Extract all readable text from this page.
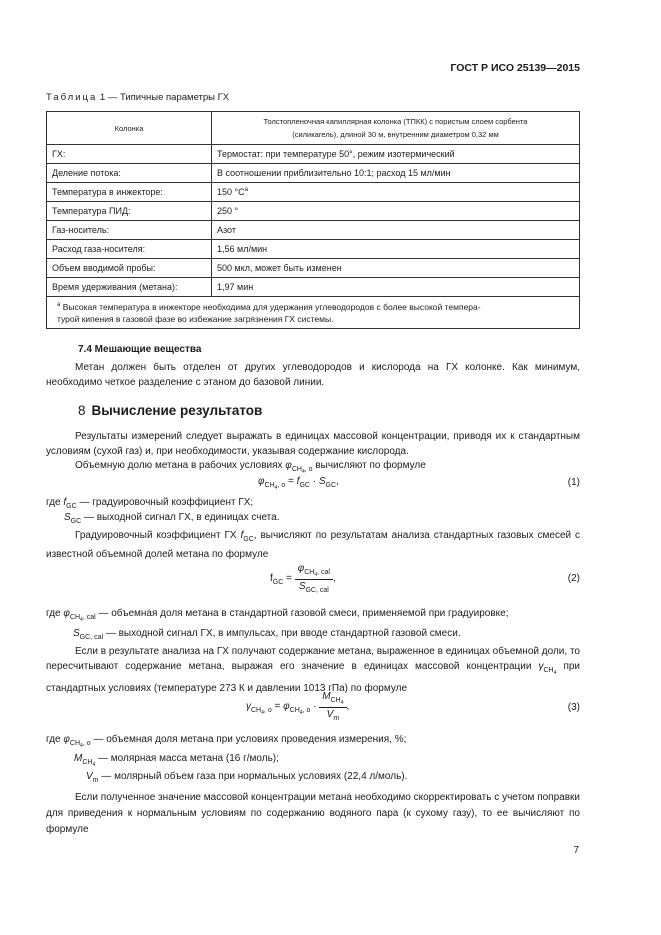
ГОСТ Р ИСО 25139—2015
Таблица 1 — Типичные параметры ГХ
Колонка	Толстопленочная капиллярная колонка (ТПКК) с пористым слоем сорбента
(силикагель), длиной 30 м, внутренним диаметром 0,32 мм
ГХ:	Термостат: при температуре 50°, режим изотермический
Деление потока:	В соотношении приблизительно 10:1; расход 15 мл/мин
Температура в инжекторе:	150 $^\circ C^а$
Температура ПИД:	250 °
Газ-носитель:	Азот
Расход газа-носителя:	1,56 мл/мин
Объем вводимой пробы:	500 мкл, может быть изменен
Время удерживания (метана):	1,97 мин
$^а$ Высокая температура в инжекторе необходима для удержания углеводородов с более высокой темпера-
турой кипения в газовой фазе во избежание загрязнения ГХ системы.	
7.4 Мешающие вещества
Метан должен быть отделен от других углеводородов и кислорода на ГХ колонке. Как минимум, необходимо четкое разделение с этаном до базовой линии.
8 Вычисление результатов
Результаты измерений следует выражать в единицах массовой концентрации, приводя их к стандартным условиям (сухой газ) и, при необходимости, указывая содержание кислорода.
Объемную долю метана в рабочих условиях $\varphi_{CH_4, o}$ вычисляют по формуле
$\varphi_{CH_4, o} = f_{GC} \cdot S_{GC}$,	(1)
где $f_{GC}$ — градуировочный коэффициент ГХ;
$S_{GC}$ — выходной сигнал ГХ, в единицах счета.
Градуировочный коэффициент ГХ $f_{GC}$, вычисляют по результатам анализа стандартных газовых смесей с известной объемной долей метана по формуле
$f_{GC} = \frac{\varphi_{CH_4, cal}}{S_{GC, cal}}$ ,	(2)
где $\varphi_{CH_4, cal}$ — объемная доля метана в стандартной газовой смеси, применяемой при градуировке;
$S_{GC, cal}$ — выходной сигнал ГХ, в импульсах, при вводе стандартной газовой смеси.
Если в результате анализа на ГХ получают содержание метана, выраженное в единицах объемной доли, то пересчитывают содержание метана, выражая его значение в единицах массовой концентрации $\gamma_{CH_4}$ при стандартных условиях (температуре 273 К и давлении 1013 гПа) по формуле
$\gamma_{CH_4, o} = \varphi_{CH_4, o} \cdot \frac{M_{CH_4}}{V_m}$ ,	(3)
где $\varphi_{CH_4, o}$ — объемная доля метана при условиях проведения измерения, %;
$M_{CH_4}$ — молярная масса метана (16 г/моль);
$V_m$ — молярный объем газа при нормальных условиях (22,4 л/моль).
Если полученное значение массовой концентрации метана необходимо скорректировать с учетом поправки для приведения к нормальным условиям по содержанию водяного пара (к сухому газу), то ее вычисляют по формуле
7
